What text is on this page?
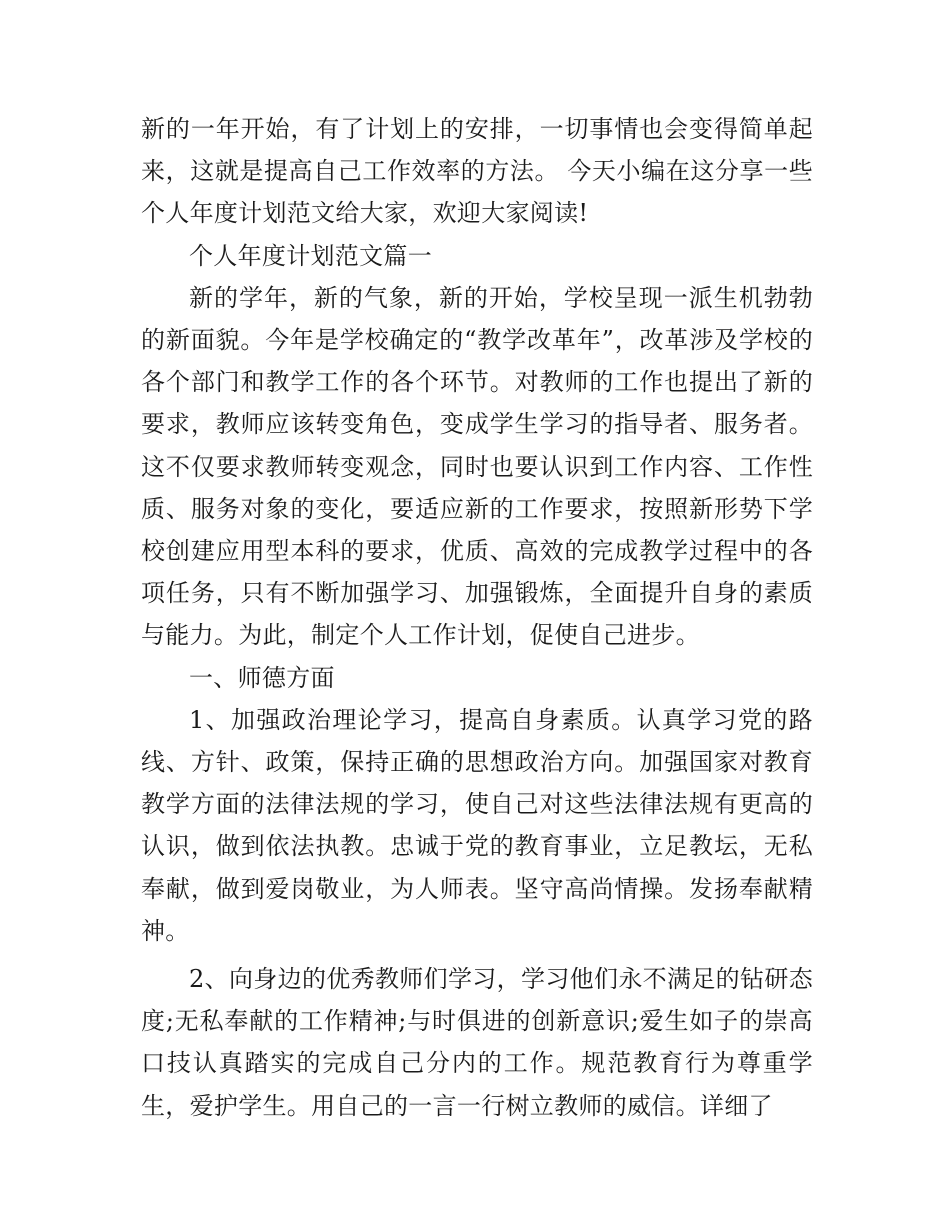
新的一年开始，有了计划上的安排，一切事情也会变得简单起来，这就是提高自己工作效率的方法。 今天小编在这分享一些个人年度计划范文给大家，欢迎大家阅读!

个人年度计划范文篇一

新的学年，新的气象，新的开始，学校呈现一派生机勃勃的新面貌。今年是学校确定的“教学改革年”，改革涉及学校的各个部门和教学工作的各个环节。对教师的工作也提出了新的要求，教师应该转变角色，变成学生学习的指导者、服务者。这不仅要求教师转变观念，同时也要认识到工作内容、工作性质、服务对象的变化，要适应新的工作要求，按照新形势下学校创建应用型本科的要求，优质、高效的完成教学过程中的各项任务，只有不断加强学习、加强锻炼，全面提升自身的素质与能力。为此，制定个人工作计划，促使自己进步。

一、师德方面

1、加强政治理论学习，提高自身素质。认真学习党的路线、方针、政策，保持正确的思想政治方向。加强国家对教育教学方面的法律法规的学习，使自己对这些法律法规有更高的认识，做到依法执教。忠诚于党的教育事业，立足教坛，无私奉献，做到爱岗敬业，为人师表。坚守高尚情操。发扬奉献精神。

2、向身边的优秀教师们学习，学习他们永不满足的钻研态度;无私奉献的工作精神;与时俱进的创新意识;爱生如子的崇高口技认真踏实的完成自己分内的工作。规范教育行为尊重学生，爱护学生。用自己的一言一行树立教师的威信。详细了
